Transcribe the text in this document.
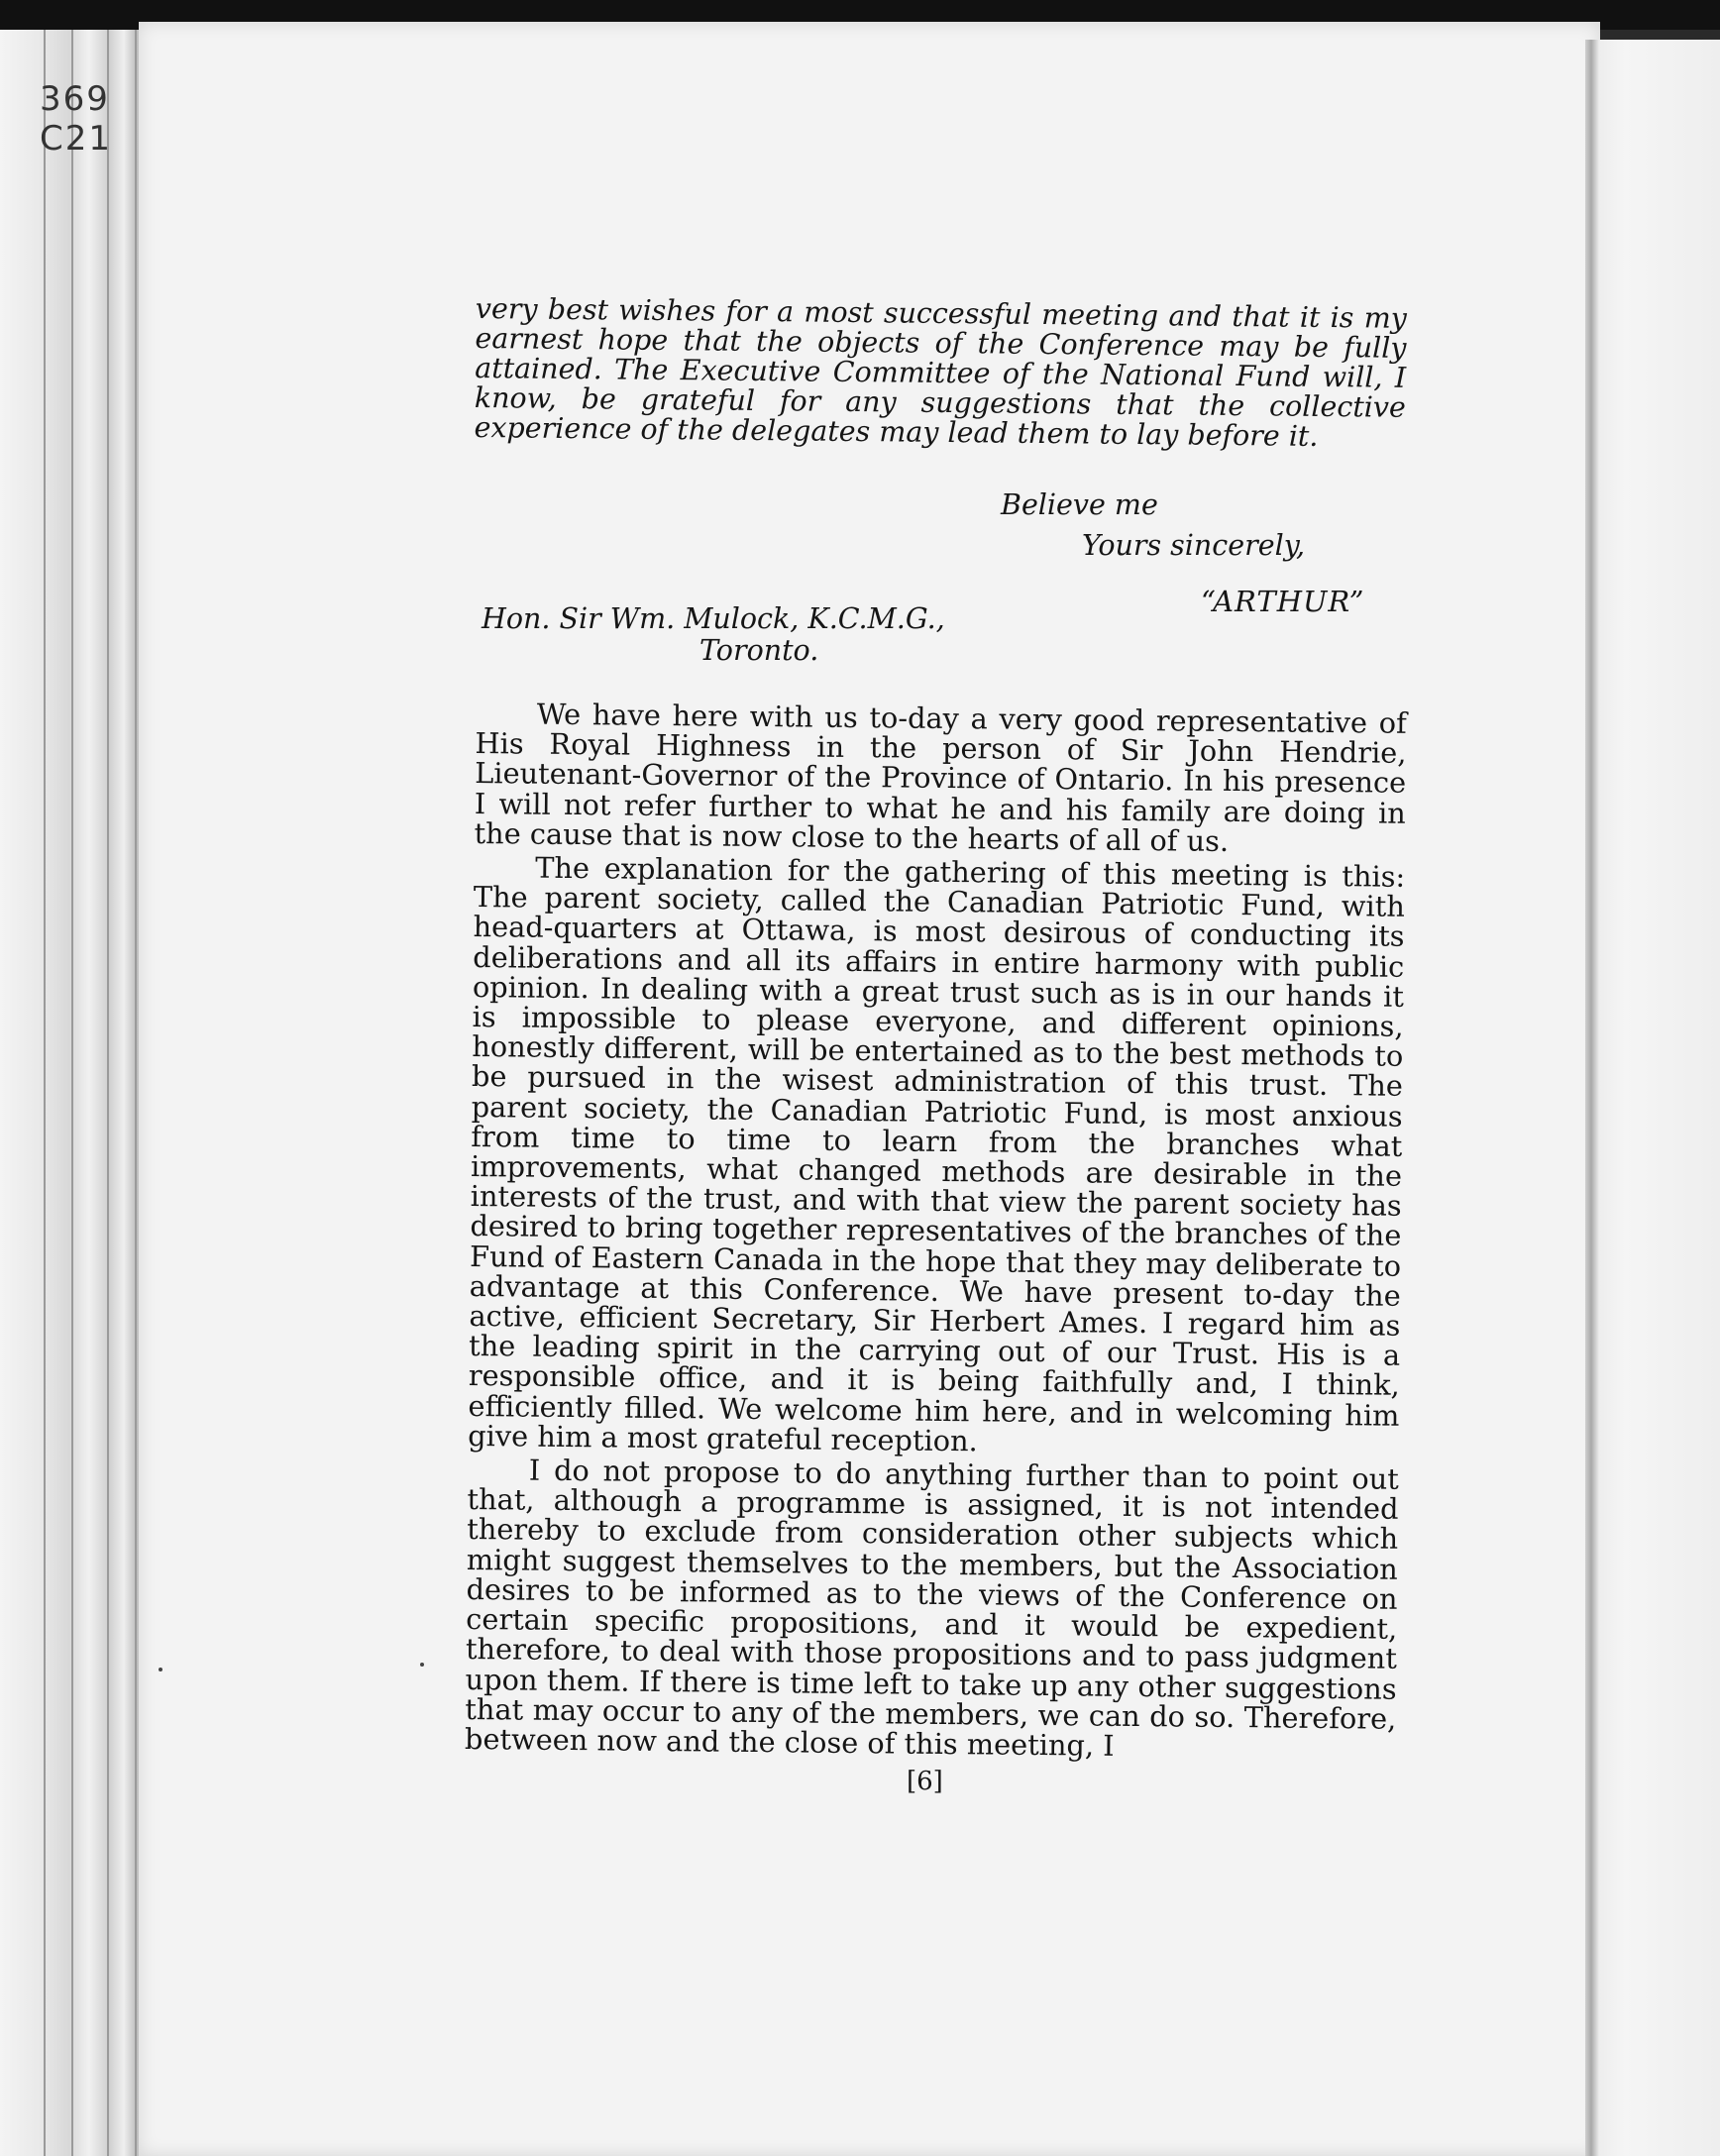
369
C21
very best wishes for a most successful meeting and that it is my earnest hope that the objects of the Conference may be fully attained. The Executive Committee of the National Fund will, I know, be grateful for any suggestions that the collective experience of the delegates may lead them to lay before it.
Believe me
Yours sincerely,
“ARTHUR”
Hon. Sir Wm. Mulock, K.C.M.G.,
Toronto.

We have here with us to-day a very good representative of His Royal Highness in the person of Sir John Hendrie, Lieutenant-Governor of the Province of Ontario. In his presence I will not refer further to what he and his family are doing in the cause that is now close to the hearts of all of us.

The explanation for the gathering of this meeting is this: The parent society, called the Canadian Patriotic Fund, with head-quarters at Ottawa, is most desirous of conducting its deliberations and all its affairs in entire harmony with public opinion. In dealing with a great trust such as is in our hands it is impossible to please everyone, and different opinions, honestly different, will be entertained as to the best methods to be pursued in the wisest administration of this trust. The parent society, the Canadian Patriotic Fund, is most anxious from time to time to learn from the branches what improvements, what changed methods are desirable in the interests of the trust, and with that view the parent society has desired to bring together representatives of the branches of the Fund of Eastern Canada in the hope that they may deliberate to advantage at this Conference. We have present to-day the active, efficient Secretary, Sir Herbert Ames. I regard him as the leading spirit in the carrying out of our Trust. His is a responsible office, and it is being faithfully and, I think, efficiently filled. We welcome him here, and in welcoming him give him a most grateful reception.

I do not propose to do anything further than to point out that, although a programme is assigned, it is not intended thereby to exclude from consideration other subjects which might suggest themselves to the members, but the Association desires to be informed as to the views of the Conference on certain specific propositions, and it would be expedient, therefore, to deal with those propositions and to pass judgment upon them. If there is time left to take up any other suggestions that may occur to any of the members, we can do so. Therefore, between now and the close of this meeting, I

[6]
